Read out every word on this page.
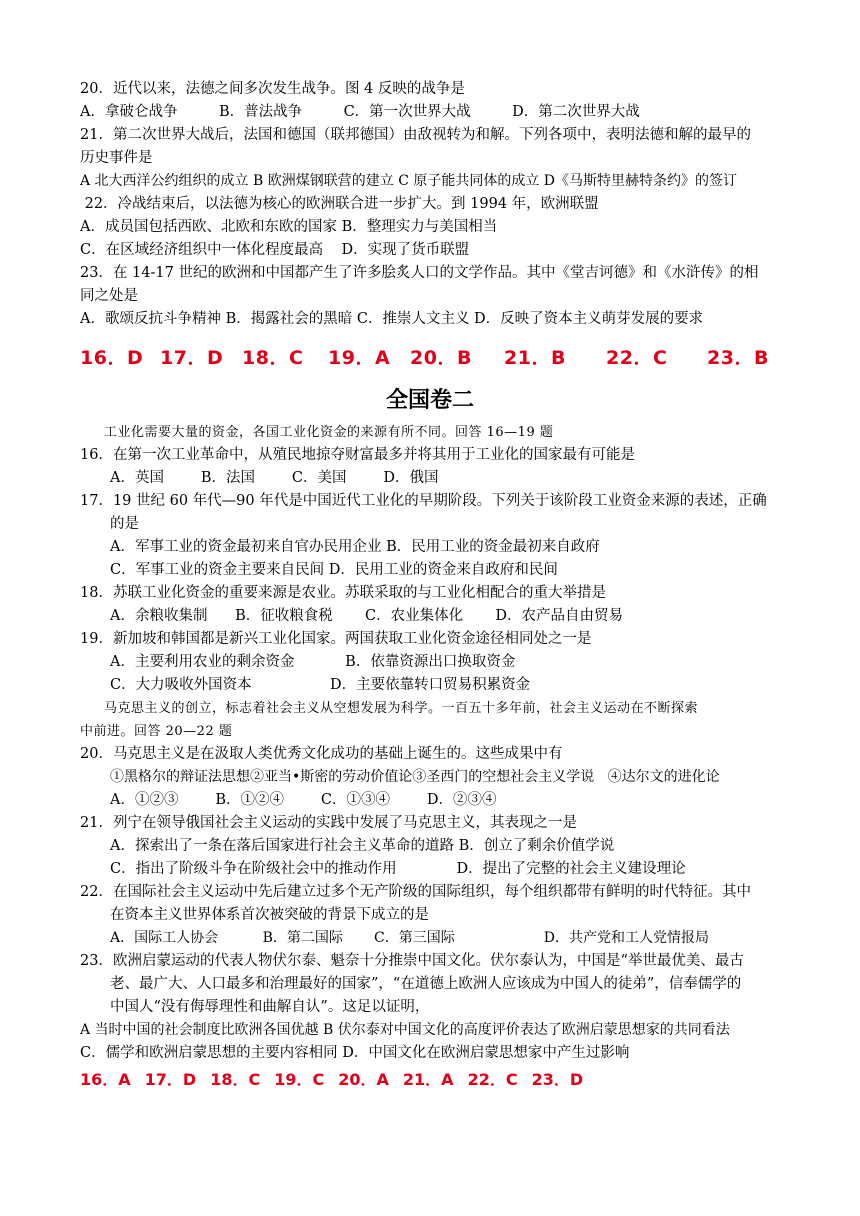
20．近代以来，法德之间多次发生战争。图 4 反映的战争是
A．拿破仑战争         B．普法战争         C．第一次世界大战         D．第二次世界大战
21．第二次世界大战后，法国和德国（联邦德国）由敌视转为和解。下列各项中，表明法德和解的最早的
历史事件是
A 北大西洋公约组织的成立 B 欧洲煤钢联营的建立 C 原子能共同体的成立 D《马斯特里赫特条约》的签订
22．冷战结束后，以法德为核心的欧洲联合进一步扩大。到 1994 年，欧洲联盟
A．成员国包括西欧、北欧和东欧的国家 B．整理实力与美国相当
C．在区域经济组织中一体化程度最高    D．实现了货币联盟
23．在 14-17 世纪的欧洲和中国都产生了许多脍炙人口的文学作品。其中《堂吉诃德》和《水浒传》的相
同之处是
A．歌颂反抗斗争精神 B．揭露社会的黑暗 C．推崇人文主义 D．反映了资本主义萌芽发展的要求
16．D 17．D 18．C 19．A 20．B 21．B 22．C 23．B
全国卷二
工业化需要大量的资金，各国工业化资金的来源有所不同。回答 16—19 题
16．在第一次工业革命中，从殖民地掠夺财富最多并将其用于工业化的国家最有可能是
A．英国        B．法国        C．美国        D．俄国
17．19 世纪 60 年代—90 年代是中国近代工业化的早期阶段。下列关于该阶段工业资金来源的表述，正确
的是
A．军事工业的资金最初来自官办民用企业 B．民用工业的资金最初来自政府
C．军事工业的资金主要来自民间 D．民用工业的资金来自政府和民间
18．苏联工业化资金的重要来源是农业。苏联采取的与工业化相配合的重大举措是
A．余粮收集制      B．征收粮食税       C．农业集体化       D．农产品自由贸易
19．新加坡和韩国都是新兴工业化国家。两国获取工业化资金途径相同处之一是
A．主要利用农业的剩余资金           B．依靠资源出口换取资金
C．大力吸收外国资本                 D．主要依靠转口贸易积累资金
马克思主义的创立，标志着社会主义从空想发展为科学。一百五十多年前，社会主义运动在不断探索
中前进。回答 20—22 题
20．马克思主义是在汲取人类优秀文化成功的基础上诞生的。这些成果中有
①黑格尔的辩证法思想②亚当•斯密的劳动价值论③圣西门的空想社会主义学说   ④达尔文的进化论
A．①②③        B．①②④        C．①③④        D．②③④
21．列宁在领导俄国社会主义运动的实践中发展了马克思主义，其表现之一是
A．探索出了一条在落后国家进行社会主义革命的道路 B．创立了剩余价值学说
C．指出了阶级斗争在阶级社会中的推动作用             D．提出了完整的社会主义建设理论
22．在国际社会主义运动中先后建立过多个无产阶级的国际组织，每个组织都带有鲜明的时代特征。其中
在资本主义世界体系首次被突破的背景下成立的是
A．国际工人协会          B．第二国际       C．第三国际                    D．共产党和工人党情报局
23．欧洲启蒙运动的代表人物伏尔泰、魁奈十分推崇中国文化。伏尔泰认为，中国是“举世最优美、最古
老、最广大、人口最多和治理最好的国家”，“在道德上欧洲人应该成为中国人的徒弟”，信奉儒学的
中国人“没有侮辱理性和曲解自认”。这足以证明，
A 当时中国的社会制度比欧洲各国优越 B 伏尔泰对中国文化的高度评价表达了欧洲启蒙思想家的共同看法
C．儒学和欧洲启蒙思想的主要内容相同 D．中国文化在欧洲启蒙思想家中产生过影响
16．A 17．D 18．C 19．C 20．A 21．A 22．C 23．D
